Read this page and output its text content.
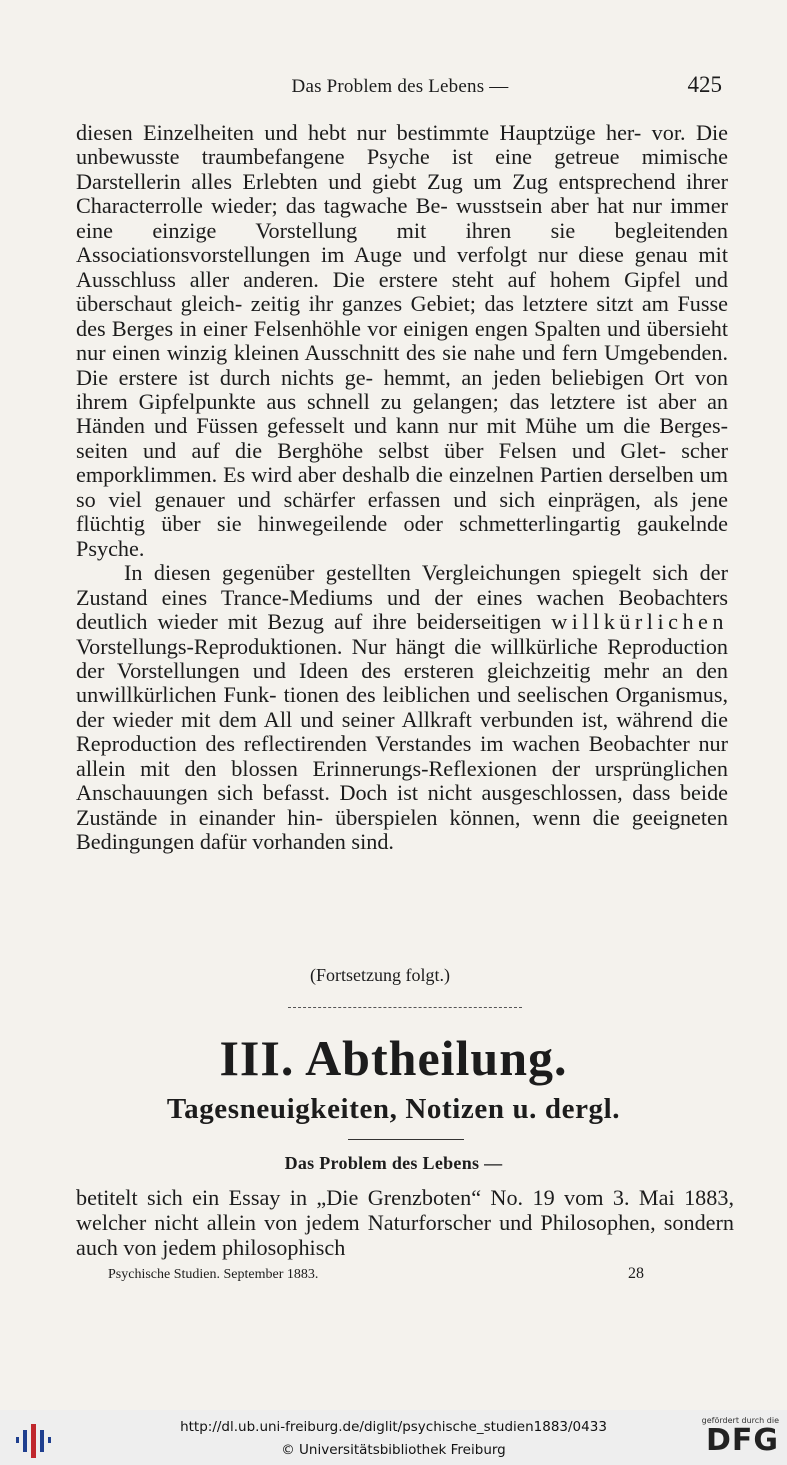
Das Problem des Lebens —	425

diesen Einzelheiten und hebt nur bestimmte Hauptzüge her- vor. Die unbewusste traumbefangene Psyche ist eine getreue mimische Darstellerin alles Erlebten und giebt Zug um Zug entsprechend ihrer Characterrolle wieder; das tagwache Be- wusstsein aber hat nur immer eine einzige Vorstellung mit ihren sie begleitenden Associationsvorstellungen im Auge und verfolgt nur diese genau mit Ausschluss aller anderen. Die erstere steht auf hohem Gipfel und überschaut gleich- zeitig ihr ganzes Gebiet; das letztere sitzt am Fusse des Berges in einer Felsenhöhle vor einigen engen Spalten und übersieht nur einen winzig kleinen Ausschnitt des sie nahe und fern Umgebenden. Die erstere ist durch nichts ge- hemmt, an jeden beliebigen Ort von ihrem Gipfelpunkte aus schnell zu gelangen; das letztere ist aber an Händen und Füssen gefesselt und kann nur mit Mühe um die Berges- seiten und auf die Berghöhe selbst über Felsen und Glet- scher emporklimmen. Es wird aber deshalb die einzelnen Partien derselben um so viel genauer und schärfer erfassen und sich einprägen, als jene flüchtig über sie hinwegeilende oder schmetterlingartig gaukelnde Psyche.

In diesen gegenüber gestellten Vergleichungen spiegelt sich der Zustand eines Trance-Mediums und der eines wachen Beobachters deutlich wieder mit Bezug auf ihre beiderseitigen willkürlichen Vorstellungs-Reproduktionen. Nur hängt die willkürliche Reproduction der Vorstellungen und Ideen des ersteren gleichzeitig mehr an den unwillkürlichen Funk- tionen des leiblichen und seelischen Organismus, der wieder mit dem All und seiner Allkraft verbunden ist, während die Reproduction des reflectirenden Verstandes im wachen Beobachter nur allein mit den blossen Erinnerungs-Reflexionen der ursprünglichen Anschauungen sich befasst. Doch ist nicht ausgeschlossen, dass beide Zustände in einander hin- überspielen können, wenn die geeigneten Bedingungen dafür vorhanden sind.

(Fortsetzung folgt.)
III. Abtheilung.
Tagesneuigkeiten, Notizen u. dergl.
Das Problem des Lebens —
betitelt sich ein Essay in „Die Grenzboten“ No. 19 vom 3. Mai 1883, welcher nicht allein von jedem Naturforscher und Philosophen, sondern auch von jedem philosophisch
Psychische Studien. September 1883.	28
http://dl.ub.uni-freiburg.de/diglit/psychische_studien1883/0433
© Universitätsbibliothek Freiburg
gefördert durch die
DFG
